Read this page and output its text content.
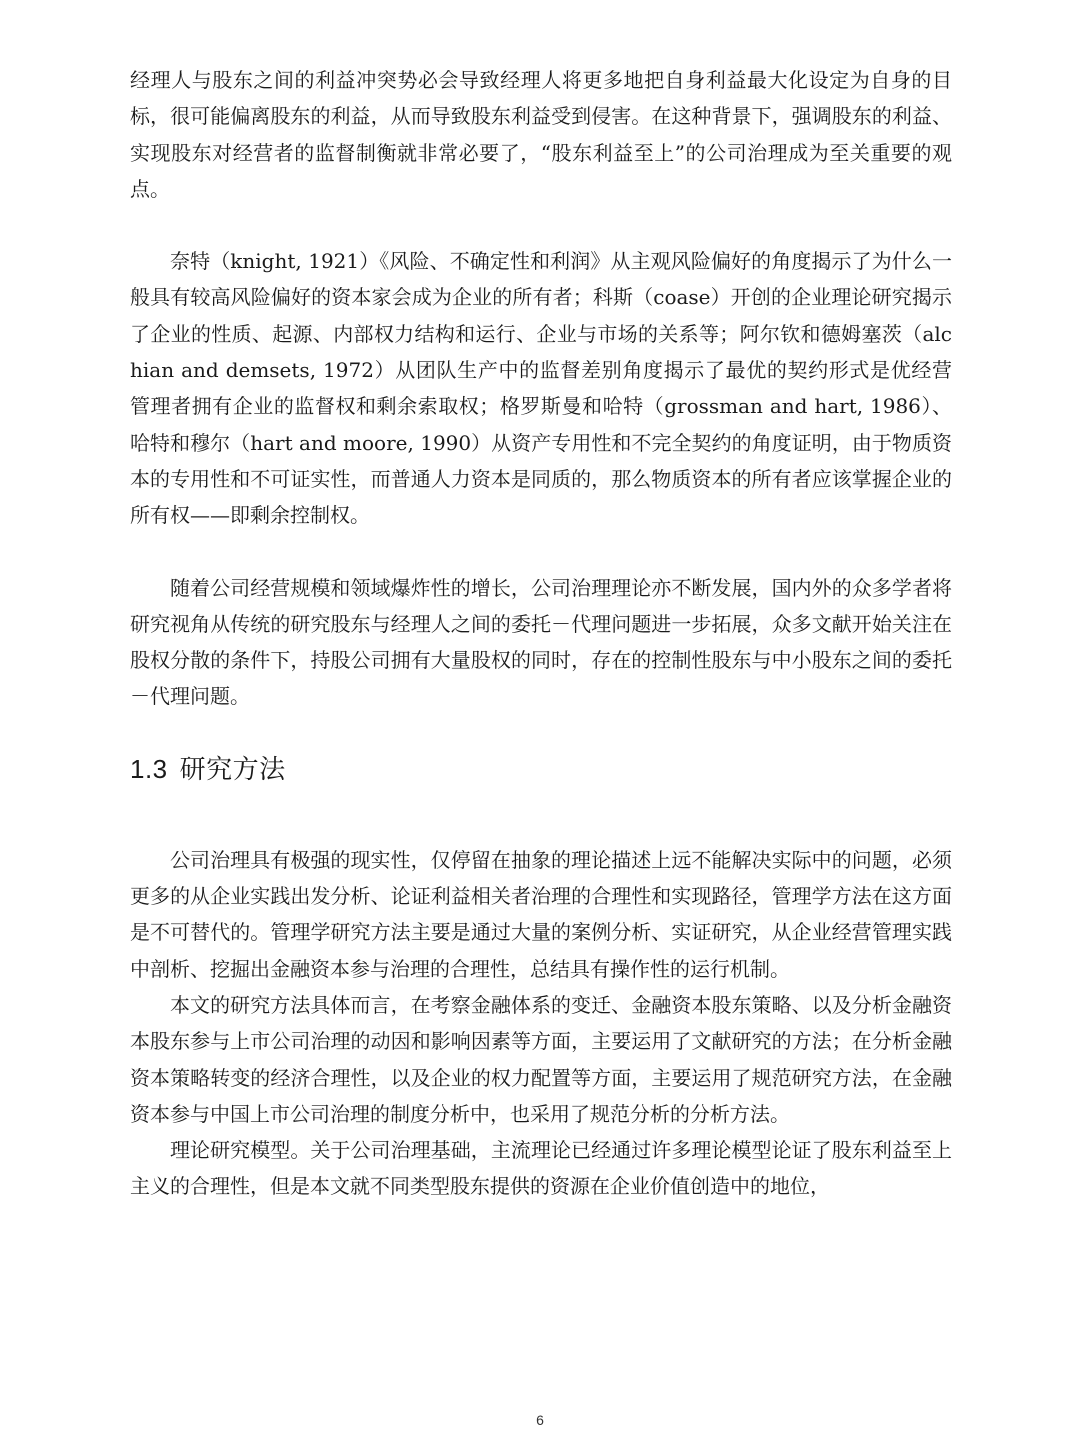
经理人与股东之间的利益冲突势必会导致经理人将更多地把自身利益最大化设定为自身的目标，很可能偏离股东的利益，从而导致股东利益受到侵害。在这种背景下，强调股东的利益、实现股东对经营者的监督制衡就非常必要了，“股东利益至上”的公司治理成为至关重要的观点。

奈特（knight, 1921）《风险、不确定性和利润》从主观风险偏好的角度揭示了为什么一般具有较高风险偏好的资本家会成为企业的所有者；科斯（coase）开创的企业理论研究揭示了企业的性质、起源、内部权力结构和运行、企业与市场的关系等；阿尔钦和德姆塞茨（alchian and demsets, 1972）从团队生产中的监督差别角度揭示了最优的契约形式是优经营管理者拥有企业的监督权和剩余索取权；格罗斯曼和哈特（grossman and hart, 1986）、哈特和穆尔（hart and moore, 1990）从资产专用性和不完全契约的角度证明，由于物质资本的专用性和不可证实性，而普通人力资本是同质的，那么物质资本的所有者应该掌握企业的所有权——即剩余控制权。

随着公司经营规模和领域爆炸性的增长，公司治理理论亦不断发展，国内外的众多学者将研究视角从传统的研究股东与经理人之间的委托－代理问题进一步拓展，众多文献开始关注在股权分散的条件下，持股公司拥有大量股权的同时，存在的控制性股东与中小股东之间的委托－代理问题。

1.3 研究方法

公司治理具有极强的现实性，仅停留在抽象的理论描述上远不能解决实际中的问题，必须更多的从企业实践出发分析、论证利益相关者治理的合理性和实现路径，管理学方法在这方面是不可替代的。管理学研究方法主要是通过大量的案例分析、实证研究，从企业经营管理实践中剖析、挖掘出金融资本参与治理的合理性，总结具有操作性的运行机制。

本文的研究方法具体而言，在考察金融体系的变迁、金融资本股东策略、以及分析金融资本股东参与上市公司治理的动因和影响因素等方面，主要运用了文献研究的方法；在分析金融资本策略转变的经济合理性，以及企业的权力配置等方面，主要运用了规范研究方法，在金融资本参与中国上市公司治理的制度分析中，也采用了规范分析的分析方法。

理论研究模型。关于公司治理基础，主流理论已经通过许多理论模型论证了股东利益至上主义的合理性，但是本文就不同类型股东提供的资源在企业价值创造中的地位，

6
